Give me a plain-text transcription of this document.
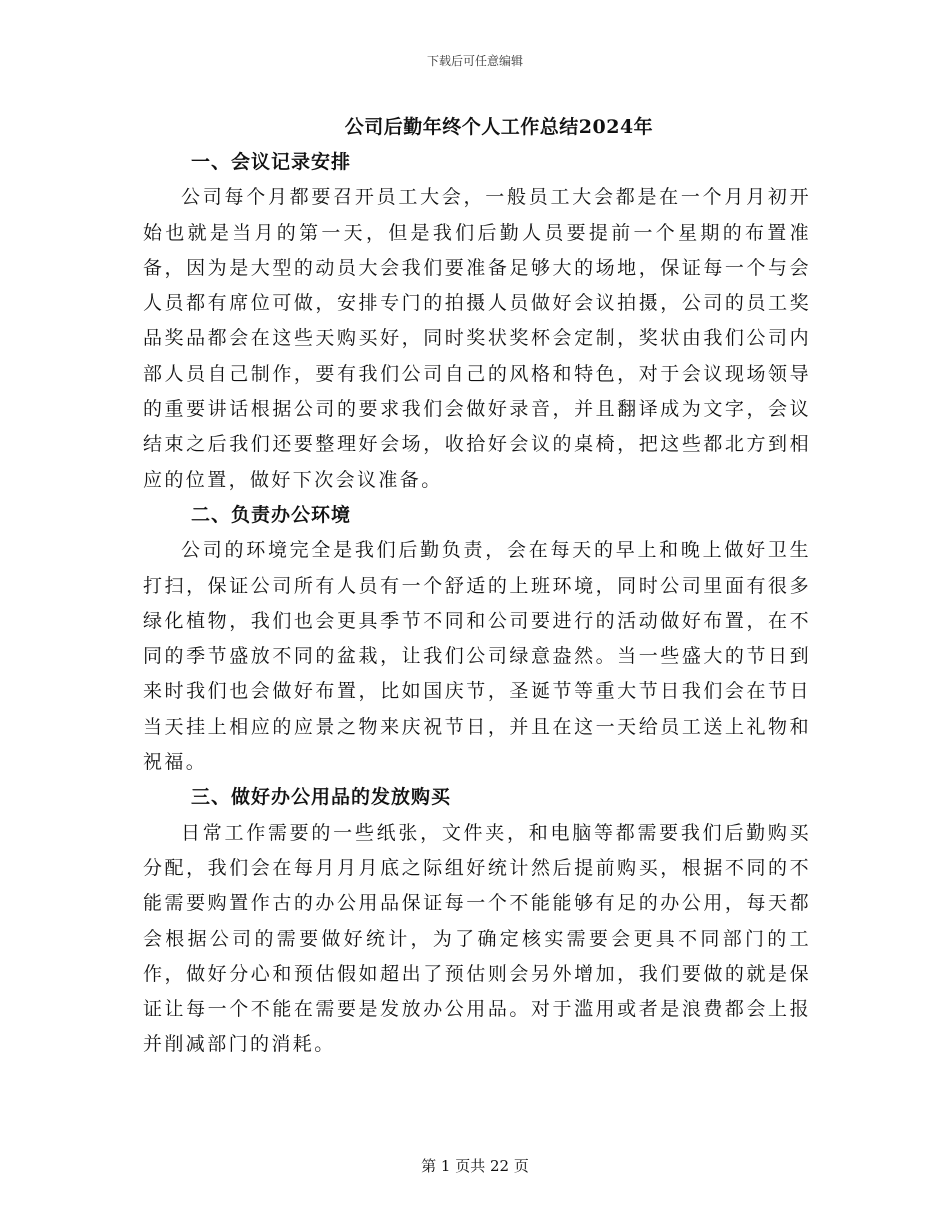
下载后可任意编辑
公司后勤年终个人工作总结2024年

一、会议记录安排

公司每个月都要召开员工大会，一般员工大会都是在一个月月初开始也就是当月的第一天，但是我们后勤人员要提前一个星期的布置准备，因为是大型的动员大会我们要准备足够大的场地，保证每一个与会人员都有席位可做，安排专门的拍摄人员做好会议拍摄，公司的员工奖品奖品都会在这些天购买好，同时奖状奖杯会定制，奖状由我们公司内部人员自己制作，要有我们公司自己的风格和特色，对于会议现场领导的重要讲话根据公司的要求我们会做好录音，并且翻译成为文字，会议结束之后我们还要整理好会场，收拾好会议的桌椅，把这些都北方到相应的位置，做好下次会议准备。

二、负责办公环境

公司的环境完全是我们后勤负责，会在每天的早上和晚上做好卫生打扫，保证公司所有人员有一个舒适的上班环境，同时公司里面有很多绿化植物，我们也会更具季节不同和公司要进行的活动做好布置，在不同的季节盛放不同的盆栽，让我们公司绿意盎然。当一些盛大的节日到来时我们也会做好布置，比如国庆节，圣诞节等重大节日我们会在节日当天挂上相应的应景之物来庆祝节日，并且在这一天给员工送上礼物和祝福。

三、做好办公用品的发放购买

日常工作需要的一些纸张，文件夹，和电脑等都需要我们后勤购买分配，我们会在每月月月底之际组好统计然后提前购买，根据不同的不能需要购置作古的办公用品保证每一个不能能够有足的办公用，每天都会根据公司的需要做好统计，为了确定核实需要会更具不同部门的工作，做好分心和预估假如超出了预估则会另外增加，我们要做的就是保证让每一个不能在需要是发放办公用品。对于滥用或者是浪费都会上报并削减部门的消耗。

第 1 页共 22 页
